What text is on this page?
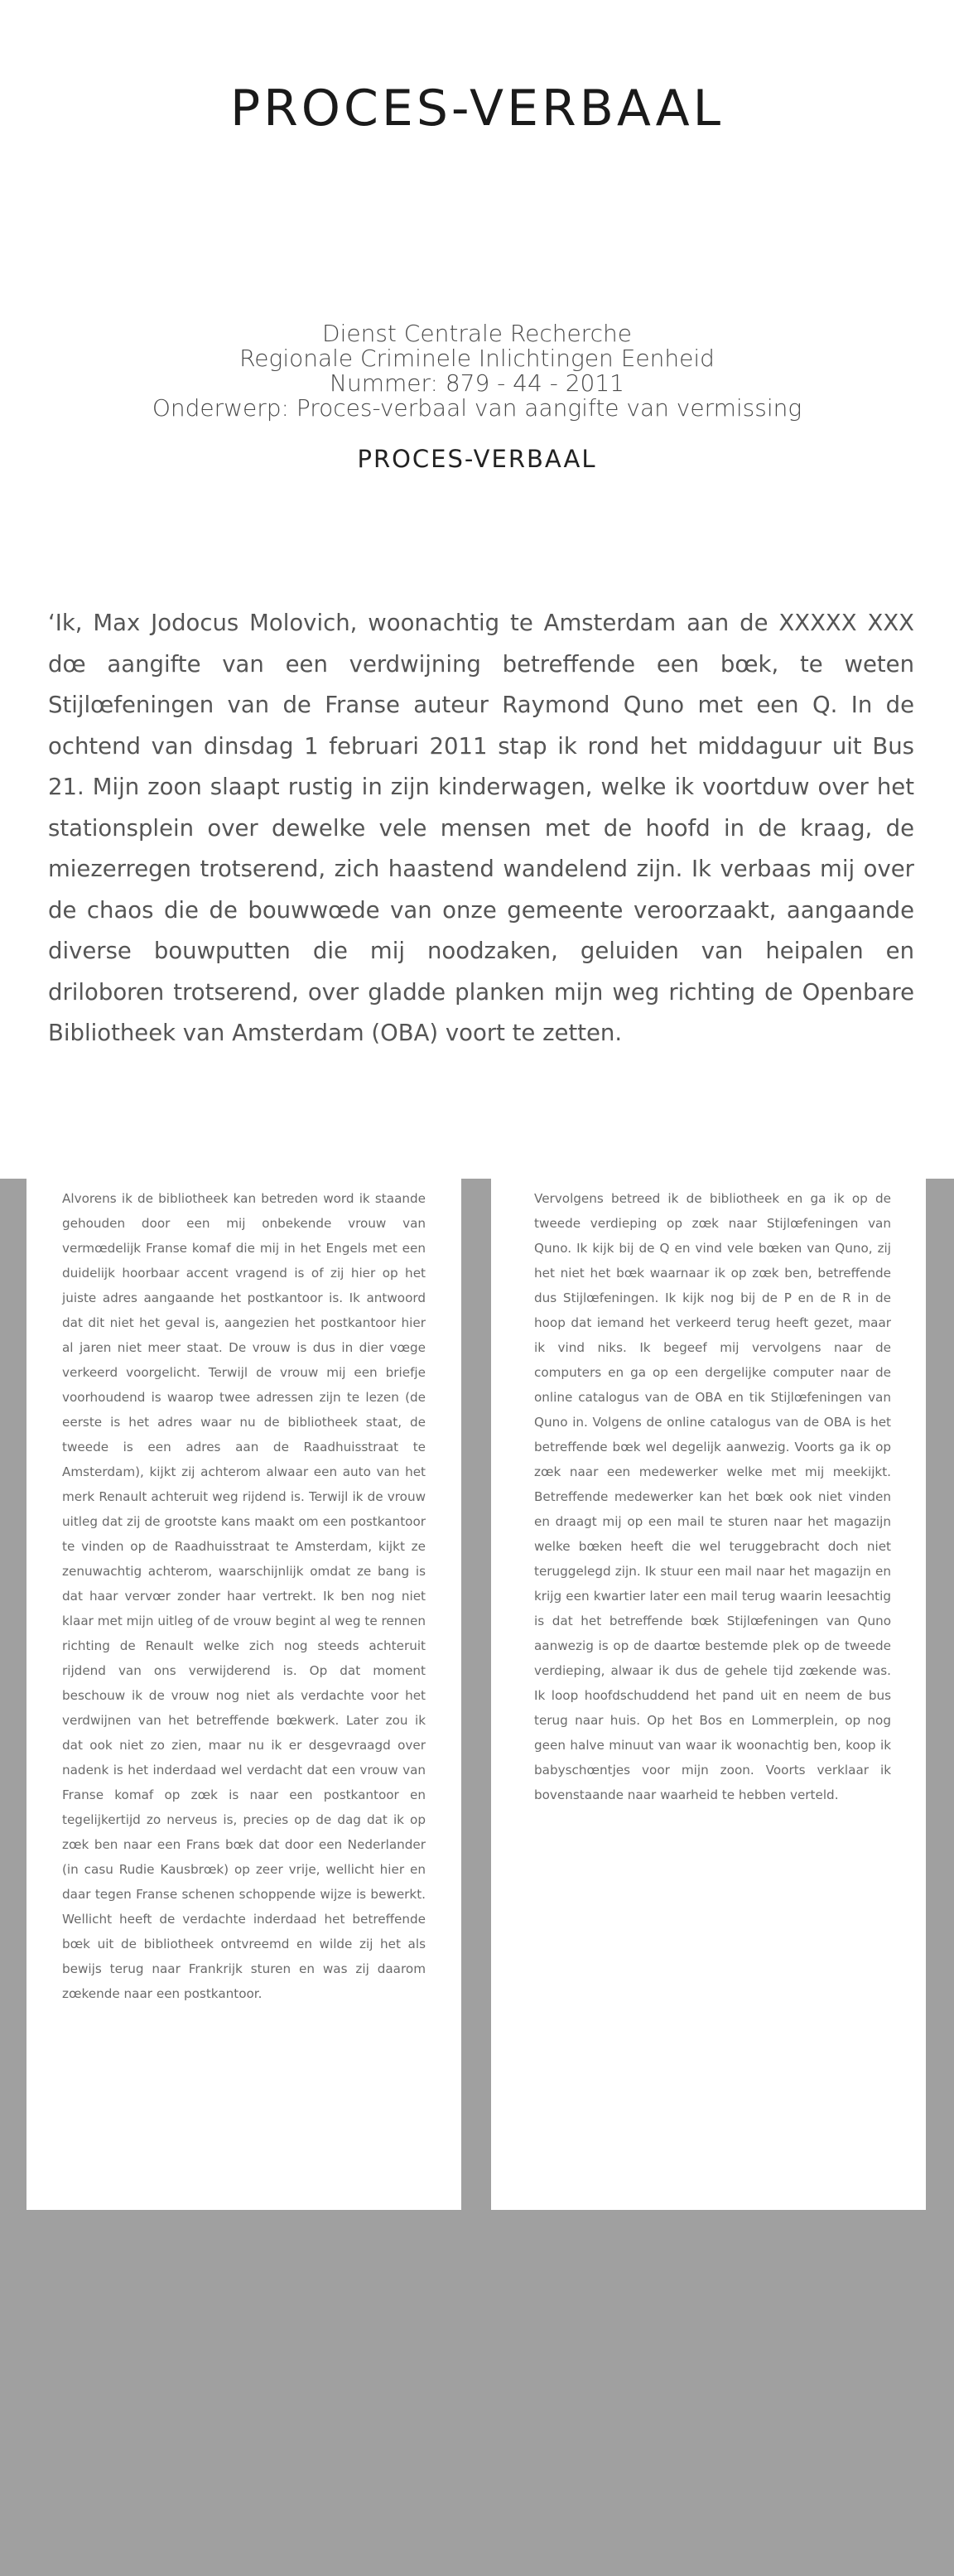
PROCES-VERBAAL
Dienst Centrale Recherche
Regionale Criminele Inlichtingen Eenheid
Nummer: 879 - 44 - 2011
Onderwerp: Proces-verbaal van aangifte van vermissing
PROCES-VERBAAL
‘Ik, Max Jodocus Molovich, woonachtig te Amsterdam aan de XXXXX XXX dœ aangifte van een verdwijning betreffende een bœk, te weten Stijlœfeningen van de Franse auteur Raymond Quno met een Q. In de ochtend van dinsdag 1 februari 2011 stap ik rond het middaguur uit Bus 21. Mijn zoon slaapt rustig in zijn kinderwagen, welke ik voortduw over het stationsplein over dewelke vele mensen met de hoofd in de kraag, de miezerregen trotserend, zich haastend wandelend zijn. Ik verbaas mij over de chaos die de bouwwœde van onze gemeente veroorzaakt, aangaande diverse bouwputten die mij noodzaken, geluiden van heipalen en driloboren trotserend, over gladde planken mijn weg richting de Openbare Bibliotheek van Amsterdam (OBA) voort te zetten.
Alvorens ik de bibliotheek kan betreden word ik staande gehouden door een mij onbekende vrouw van vermœdelijk Franse komaf die mij in het Engels met een duidelijk hoorbaar accent vragend is of zij hier op het juiste adres aangaande het postkantoor is. Ik antwoord dat dit niet het geval is, aangezien het postkantoor hier al jaren niet meer staat. De vrouw is dus in dier vœge verkeerd voorgelicht. Terwijl de vrouw mij een briefje voorhoudend is waarop twee adressen zijn te lezen (de eerste is het adres waar nu de bibliotheek staat, de tweede is een adres aan de Raadhuisstraat te Amsterdam), kijkt zij achterom alwaar een auto van het merk Renault achteruit weg rijdend is. Terwijl ik de vrouw uitleg dat zij de grootste kans maakt om een postkantoor te vinden op de Raadhuisstraat te Amsterdam, kijkt ze zenuwachtig achterom, waarschijnlijk omdat ze bang is dat haar vervœr zonder haar vertrekt. Ik ben nog niet klaar met mijn uitleg of de vrouw begint al weg te rennen richting de Renault welke zich nog steeds achteruit rijdend van ons verwijderend is. Op dat moment beschouw ik de vrouw nog niet als verdachte voor het verdwijnen van het betreffende bœkwerk. Later zou ik dat ook niet zo zien, maar nu ik er desgevraagd over nadenk is het inderdaad wel verdacht dat een vrouw van Franse komaf op zœk is naar een postkantoor en tegelijkertijd zo nerveus is, precies op de dag dat ik op zœk ben naar een Frans bœk dat door een Nederlander (in casu Rudie Kausbrœk) op zeer vrije, wellicht hier en daar tegen Franse schenen schoppende wijze is bewerkt. Wellicht heeft de verdachte inderdaad het betreffende bœk uit de bibliotheek ontvreemd en wilde zij het als bewijs terug naar Frankrijk sturen en was zij daarom zœkende naar een postkantoor.
Vervolgens betreed ik de bibliotheek en ga ik op de tweede verdieping op zœk naar Stijlœfeningen van Quno. Ik kijk bij de Q en vind vele bœken van Quno, zij het niet het bœk waarnaar ik op zœk ben, betreffende dus Stijlœfeningen. Ik kijk nog bij de P en de R in de hoop dat iemand het verkeerd terug heeft gezet, maar ik vind niks. Ik begeef mij vervolgens naar de computers en ga op een dergelijke computer naar de online catalogus van de OBA en tik Stijlœfeningen van Quno in. Volgens de online catalogus van de OBA is het betreffende bœk wel degelijk aanwezig. Voorts ga ik op zœk naar een medewerker welke met mij meekijkt. Betreffende medewerker kan het bœk ook niet vinden en draagt mij op een mail te sturen naar het magazijn welke bœken heeft die wel teruggebracht doch niet teruggelegd zijn. Ik stuur een mail naar het magazijn en krijg een kwartier later een mail terug waarin leesachtig is dat het betreffende bœk Stijlœfeningen van Quno aanwezig is op de daartœ bestemde plek op de tweede verdieping, alwaar ik dus de gehele tijd zœkende was. Ik loop hoofdschuddend het pand uit en neem de bus terug naar huis. Op het Bos en Lommerplein, op nog geen halve minuut van waar ik woonachtig ben, koop ik babyschœntjes voor mijn zoon. Voorts verklaar ik bovenstaande naar waarheid te hebben verteld.
